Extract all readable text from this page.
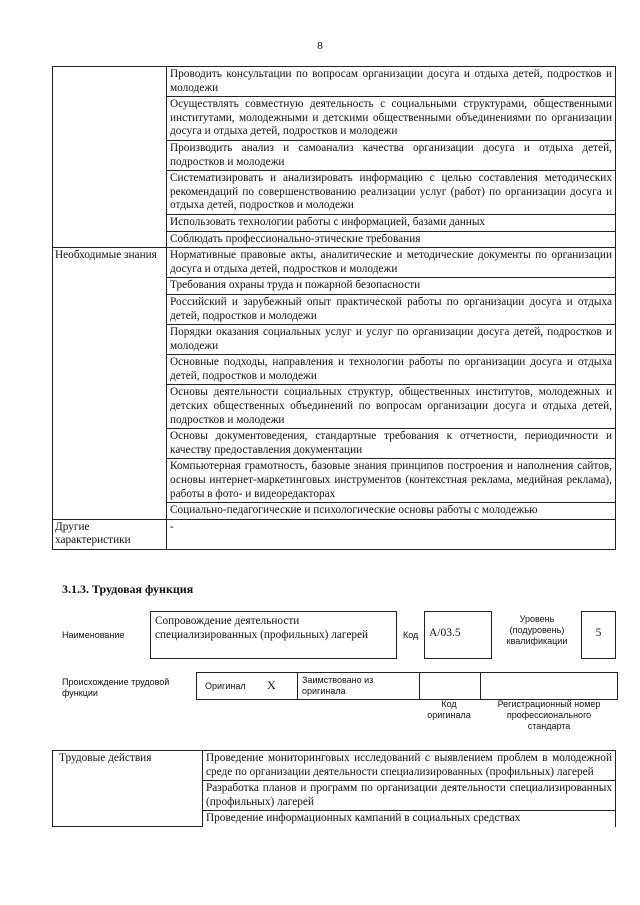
8
	Проводить консультации по вопросам организации досуга и отдыха детей, подростков и молодежи
	Осуществлять совместную деятельность с социальными структурами, общественными институтами, молодежными и детскими общественными объединениями по организации досуга и отдыха детей, подростков и молодежи
	Производить анализ и самоанализ качества организации досуга и отдыха детей, подростков и молодежи
	Систематизировать и анализировать информацию с целью составления методических рекомендаций по совершенствованию реализации услуг (работ) по организации досуга и отдыха детей, подростков и молодежи
	Использовать технологии работы с информацией, базами данных
	Соблюдать профессионально-этические требования
Необходимые знания	Нормативные правовые акты, аналитические и методические документы по организации досуга и отдыха детей, подростков и молодежи
	Требования охраны труда и пожарной безопасности
	Российский и зарубежный опыт практической работы по организации досуга и отдыха детей, подростков и молодежи
	Порядки оказания социальных услуг и услуг по организации досуга детей, подростков и молодежи
	Основные подходы, направления и технологии работы по организации досуга и отдыха детей, подростков и молодежи
	Основы деятельности социальных структур, общественных институтов, молодежных и детских общественных объединений по вопросам организации досуга и отдыха детей, подростков и молодежи
	Основы документоведения, стандартные требования к отчетности, периодичности и качеству предоставления документации
	Компьютерная грамотность, базовые знания принципов построения и наполнения сайтов, основы интернет-маркетинговых инструментов (контекстная реклама, медийная реклама), работы в фото- и видеоредакторах
	Социально-педагогические и психологические основы работы с молодежью
Другие характеристики	-
3.1.3. Трудовая функция
Наименование
Сопровождение деятельности специализированных (профильных) лагерей	Код A/03.5
Уровень (подуровень) квалификации
5
Происхождение трудовой функции
Оригинал X	Заимствовано из оригинала
Код оригинала
Регистрационный номер профессионального стандарта
Трудовые действия	Проведение мониторинговых исследований с выявлением проблем в молодежной среде по организации деятельности специализированных (профильных) лагерей
Разработка планов и программ по организации деятельности специализированных (профильных) лагерей
Проведение информационных кампаний в социальных средствах
